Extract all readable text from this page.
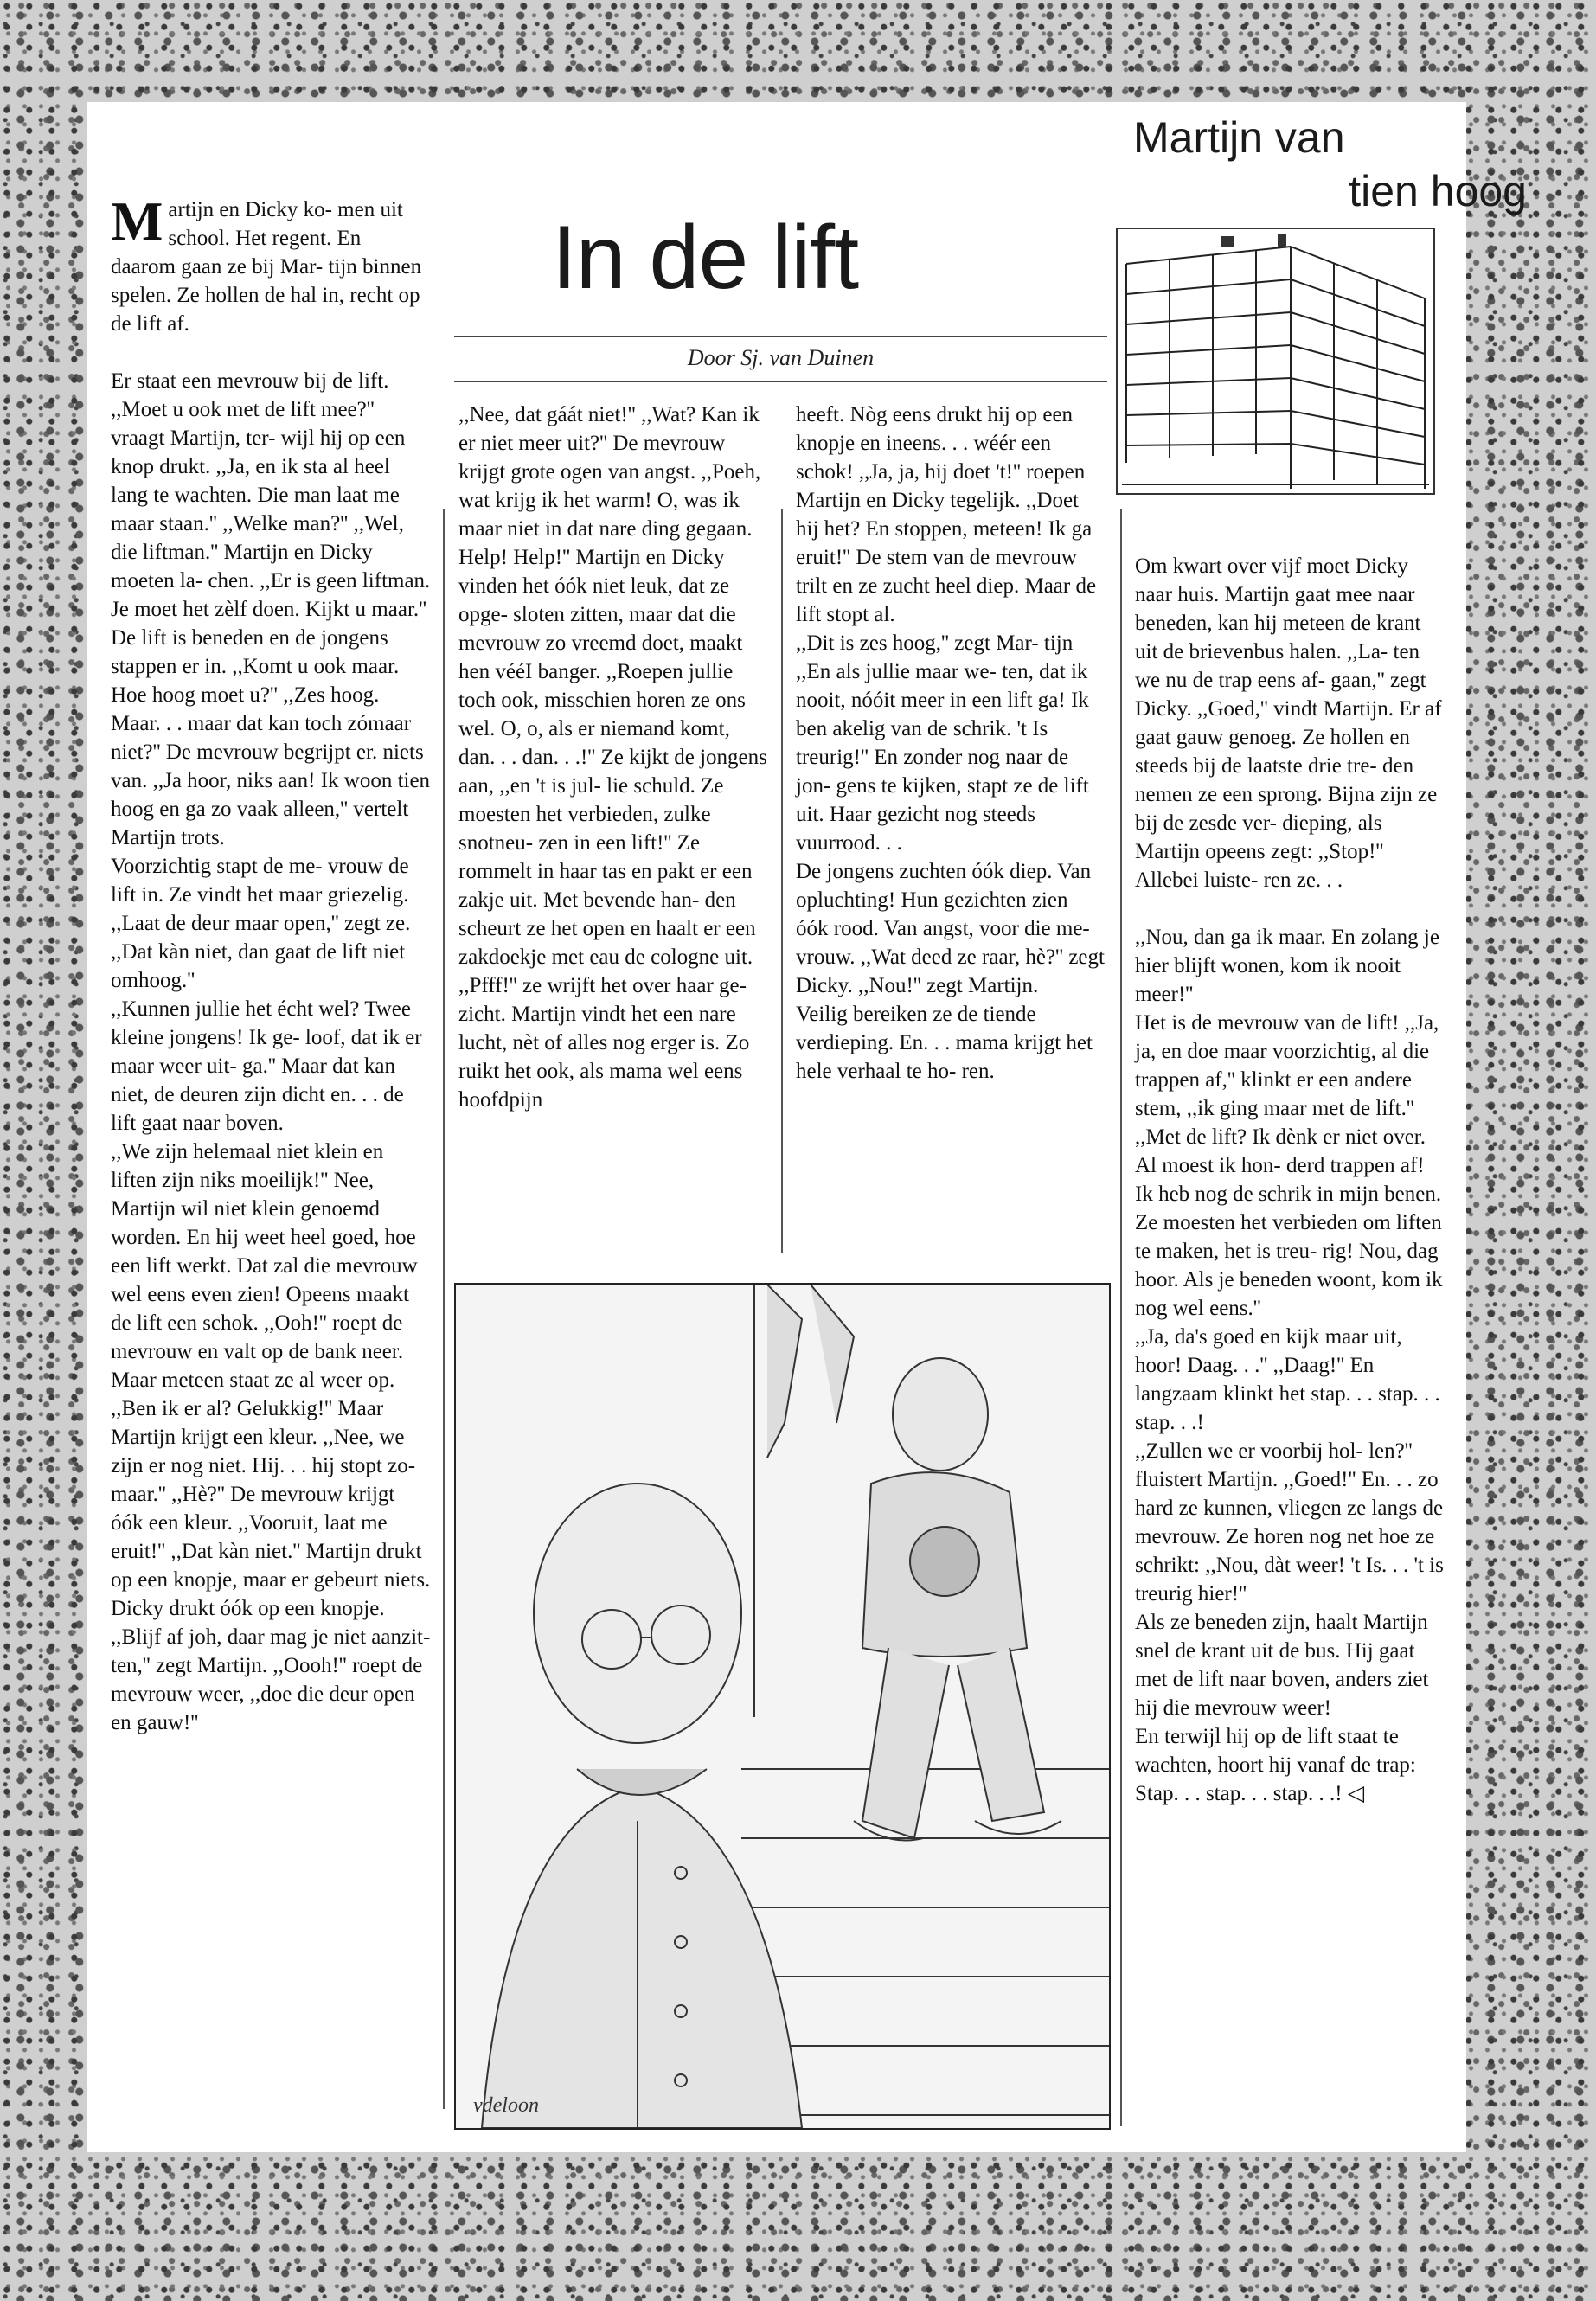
Martijn van
tien hoog
In de lift
Door Sj. van Duinen

Martijn en Dicky ko- men uit school. Het regent. En daarom gaan ze bij Mar- tijn binnen spelen. Ze hollen de hal in, recht op de lift af.

Er staat een mevrouw bij de lift. ,,Moet u ook met de lift mee?'' vraagt Martijn, ter- wijl hij op een knop drukt. ,,Ja, en ik sta al heel lang te wachten. Die man laat me maar staan.'' ,,Welke man?'' ,,Wel, die liftman.'' Martijn en Dicky moeten la- chen. ,,Er is geen liftman. Je moet het zèlf doen. Kijkt u maar.'' De lift is beneden en de jongens stappen er in. ,,Komt u ook maar. Hoe hoog moet u?'' ,,Zes hoog. Maar. . . maar dat kan toch zómaar niet?'' De mevrouw begrijpt er. niets van. ,,Ja hoor, niks aan! Ik woon tien hoog en ga zo vaak alleen,'' vertelt Martijn trots.

Voorzichtig stapt de me- vrouw de lift in. Ze vindt het maar griezelig. ,,Laat de deur maar open,'' zegt ze. ,,Dat kàn niet, dan gaat de lift niet omhoog.''

,,Kunnen jullie het écht wel? Twee kleine jongens! Ik ge- loof, dat ik er maar weer uit- ga.'' Maar dat kan niet, de deuren zijn dicht en. . . de lift gaat naar boven.

,,We zijn helemaal niet klein en liften zijn niks moeilijk!'' Nee, Martijn wil niet klein genoemd worden. En hij weet heel goed, hoe een lift werkt. Dat zal die mevrouw wel eens even zien! Opeens maakt de lift een schok. ,,Ooh!'' roept de mevrouw en valt op de bank neer. Maar meteen staat ze al weer op.

,,Ben ik er al? Gelukkig!'' Maar Martijn krijgt een kleur. ,,Nee, we zijn er nog niet. Hij. . . hij stopt zo- maar.'' ,,Hè?'' De mevrouw krijgt óók een kleur. ,,Vooruit, laat me eruit!'' ,,Dat kàn niet.'' Martijn drukt op een knopje, maar er gebeurt niets. Dicky drukt óók op een knopje. ,,Blijf af joh, daar mag je niet aanzit- ten,'' zegt Martijn. ,,Oooh!'' roept de mevrouw weer, ,,doe die deur open en gauw!''

,,Nee, dat gáát niet!'' ,,Wat? Kan ik er niet meer uit?'' De mevrouw krijgt grote ogen van angst. ,,Poeh, wat krijg ik het warm! O, was ik maar niet in dat nare ding gegaan. Help! Help!'' Martijn en Dicky vinden het óók niet leuk, dat ze opge- sloten zitten, maar dat die mevrouw zo vreemd doet, maakt hen vééI banger. ,,Roepen jullie toch ook, misschien horen ze ons wel. O, o, als er niemand komt, dan. . . dan. . .!'' Ze kijkt de jongens aan, ,,en 't is jul- lie schuld. Ze moesten het verbieden, zulke snotneu- zen in een lift!'' Ze rommelt in haar tas en pakt er een zakje uit. Met bevende han- den scheurt ze het open en haalt er een zakdoekje met eau de cologne uit. ,,Pfff!'' ze wrijft het over haar ge- zicht. Martijn vindt het een nare lucht, nèt of alles nog erger is. Zo ruikt het ook, als mama wel eens hoofdpijn

heeft. Nòg eens drukt hij op een knopje en ineens. . . wéér een schok! ,,Ja, ja, hij doet 't!'' roepen Martijn en Dicky tegelijk. ,,Doet hij het? En stoppen, meteen! Ik ga eruit!'' De stem van de mevrouw trilt en ze zucht heel diep. Maar de lift stopt al.

,,Dit is zes hoog,'' zegt Mar- tijn ,,En als jullie maar we- ten, dat ik nooit, nóóit meer in een lift ga! Ik ben akelig van de schrik. 't Is treurig!'' En zonder nog naar de jon- gens te kijken, stapt ze de lift uit. Haar gezicht nog steeds vuurrood. . .

De jongens zuchten óók diep. Van opluchting! Hun gezichten zien óók rood. Van angst, voor die me- vrouw. ,,Wat deed ze raar, hè?'' zegt Dicky. ,,Nou!'' zegt Martijn.

Veilig bereiken ze de tiende verdieping. En. . . mama krijgt het hele verhaal te ho- ren.

Om kwart over vijf moet Dicky naar huis. Martijn gaat mee naar beneden, kan hij meteen de krant uit de brievenbus halen. ,,La- ten we nu de trap eens af- gaan,'' zegt Dicky. ,,Goed,'' vindt Martijn. Er af gaat gauw genoeg. Ze hollen en steeds bij de laatste drie tre- den nemen ze een sprong. Bijna zijn ze bij de zesde ver- dieping, als Martijn opeens zegt: ,,Stop!'' Allebei luiste- ren ze. . .

,,Nou, dan ga ik maar. En zolang je hier blijft wonen, kom ik nooit meer!''

Het is de mevrouw van de lift! ,,Ja, ja, en doe maar voorzichtig, al die trappen af,'' klinkt er een andere stem, ,,ik ging maar met de lift.'' ,,Met de lift? Ik dènk er niet over. Al moest ik hon- derd trappen af! Ik heb nog de schrik in mijn benen. Ze moesten het verbieden om liften te maken, het is treu- rig! Nou, dag hoor. Als je beneden woont, kom ik nog wel eens.''

,,Ja, da's goed en kijk maar uit, hoor! Daag. . .'' ,,Daag!'' En langzaam klinkt het stap. . . stap. . . stap. . .!

,,Zullen we er voorbij hol- len?'' fluistert Martijn. ,,Goed!'' En. . . zo hard ze kunnen, vliegen ze langs de mevrouw. Ze horen nog net hoe ze schrikt: ,,Nou, dàt weer! 't Is. . . 't is treurig hier!''

Als ze beneden zijn, haalt Martijn snel de krant uit de bus. Hij gaat met de lift naar boven, anders ziet hij die mevrouw weer!

En terwijl hij op de lift staat te wachten, hoort hij vanaf de trap: Stap. . . stap. . . stap. . .! ◁

vdeloon
